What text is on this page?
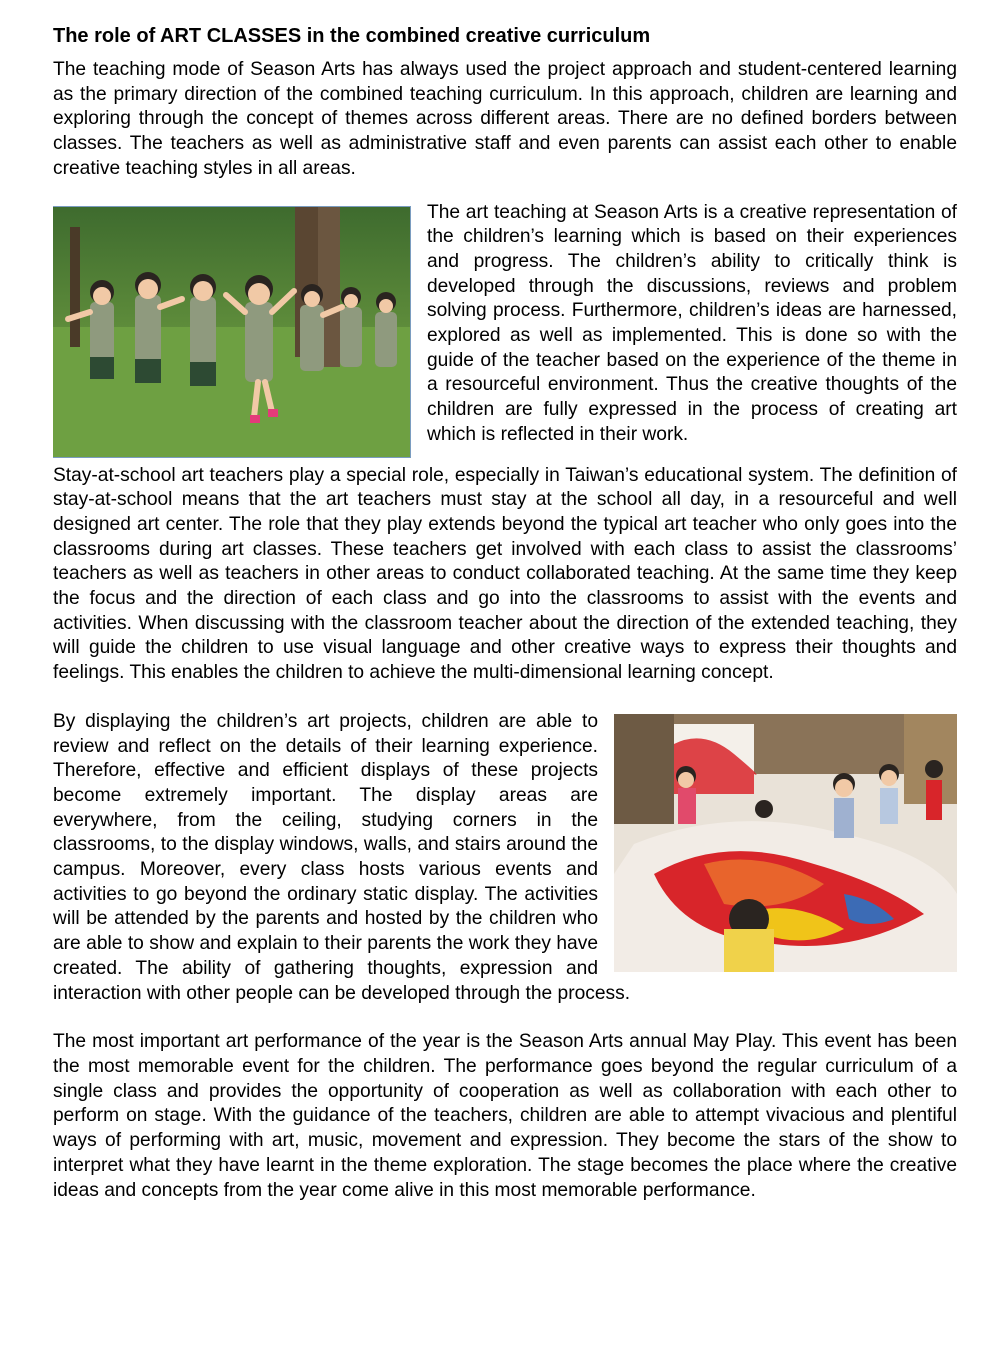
The role of ART CLASSES in the combined creative curriculum

The teaching mode of Season Arts has always used the project approach and student-centered learning as the primary direction of the combined teaching curriculum. In this approach, children are learning and exploring through the concept of themes across different areas. There are no defined borders between classes. The teachers as well as administrative staff and even parents can assist each other to enable creative teaching styles in all areas.

The art teaching at Season Arts is a creative representation of the children’s learning which is based on their experiences and progress. The children’s ability to critically think is developed through the discussions, reviews and problem solving process. Furthermore, children’s ideas are harnessed, explored as well as implemented. This is done so with the guide of the teacher based on the experience of the theme in a resourceful environment. Thus the creative thoughts of the children are fully expressed in the process of creating art which is reflected in their work.

Stay-at-school art teachers play a special role, especially in Taiwan’s educational system. The definition of stay-at-school means that the art teachers must stay at the school all day, in a resourceful and well designed art center. The role that they play extends beyond the typical art teacher who only goes into the classrooms during art classes. These teachers get involved with each class to assist the classrooms’ teachers as well as teachers in other areas to conduct collaborated teaching. At the same time they keep the focus and the direction of each class and go into the classrooms to assist with the events and activities. When discussing with the classroom teacher about the direction of the extended teaching, they will guide the children to use visual language and other creative ways to express their thoughts and feelings. This enables the children to achieve the multi-dimensional learning concept.

By displaying the children’s art projects, children are able to review and reflect on the details of their learning experience. Therefore, effective and efficient displays of these projects become extremely important. The display areas are everywhere, from the ceiling, studying corners in the classrooms, to the display windows, walls, and stairs around the campus. Moreover, every class hosts various events and activities to go beyond the ordinary static display. The activities will be attended by the parents and hosted by the children who are able to show and explain to their parents the work they have created. The ability of gathering thoughts, expression and interaction with other people can be developed through the process.

The most important art performance of the year is the Season Arts annual May Play. This event has been the most memorable event for the children. The performance goes beyond the regular curriculum of a single class and provides the opportunity of cooperation as well as collaboration with each other to perform on stage. With the guidance of the teachers, children are able to attempt vivacious and plentiful ways of performing with art, music, movement and expression. They become the stars of the show to interpret what they have learnt in the theme exploration. The stage becomes the place where the creative ideas and concepts from the year come alive in this most memorable performance.
